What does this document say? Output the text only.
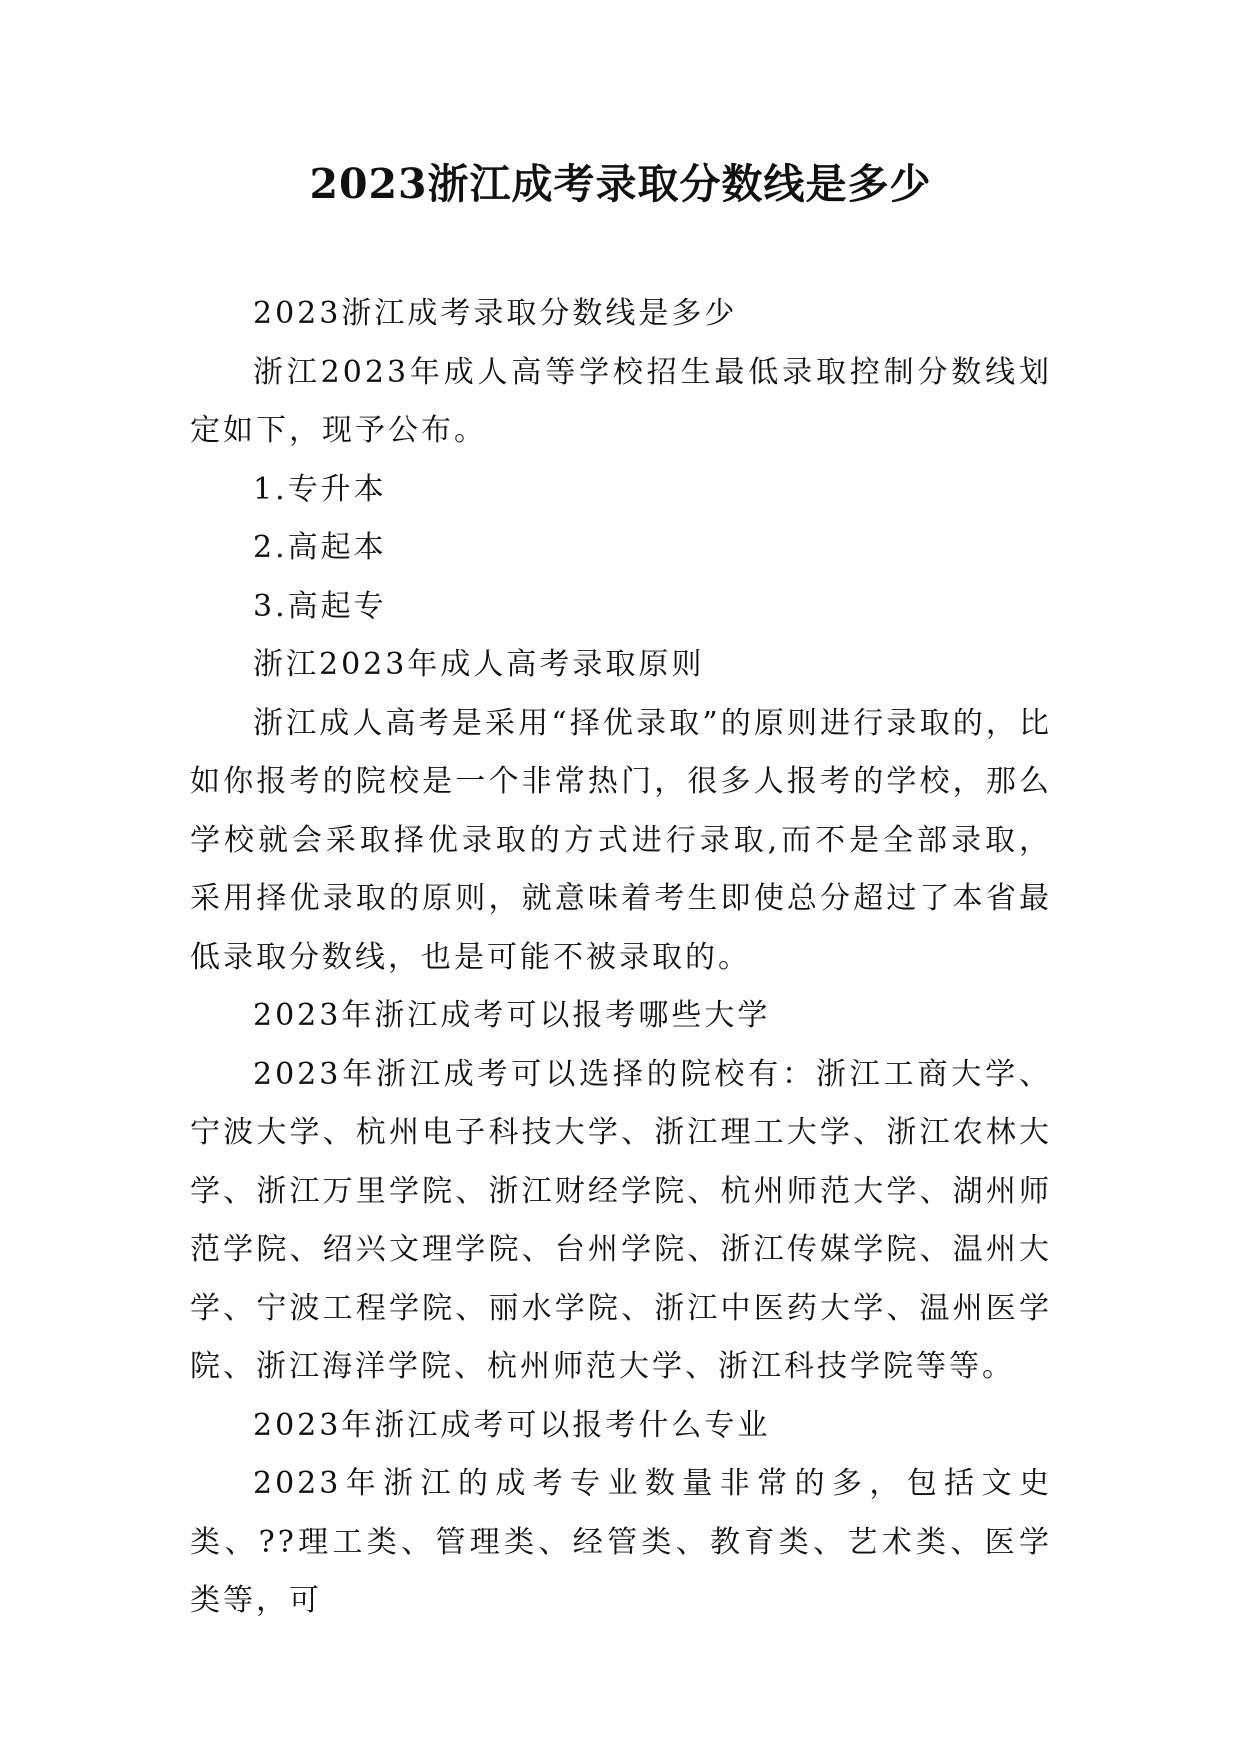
2023浙江成考录取分数线是多少

2023浙江成考录取分数线是多少

浙江2023年成人高等学校招生最低录取控制分数线划定如下，现予公布。

1.专升本

2.高起本

3.高起专

浙江2023年成人高考录取原则

浙江成人高考是采用“择优录取”的原则进行录取的，比如你报考的院校是一个非常热门，很多人报考的学校，那么学校就会采取择优录取的方式进行录取,而不是全部录取，采用择优录取的原则，就意味着考生即使总分超过了本省最低录取分数线，也是可能不被录取的。

2023年浙江成考可以报考哪些大学

2023年浙江成考可以选择的院校有：浙江工商大学、宁波大学、杭州电子科技大学、浙江理工大学、浙江农林大学、浙江万里学院、浙江财经学院、杭州师范大学、湖州师范学院、绍兴文理学院、台州学院、浙江传媒学院、温州大学、宁波工程学院、丽水学院、浙江中医药大学、温州医学院、浙江海洋学院、杭州师范大学、浙江科技学院等等。

2023年浙江成考可以报考什么专业

2023年浙江的成考专业数量非常的多，包括文史类、??理工类、管理类、经管类、教育类、艺术类、医学类等，可
